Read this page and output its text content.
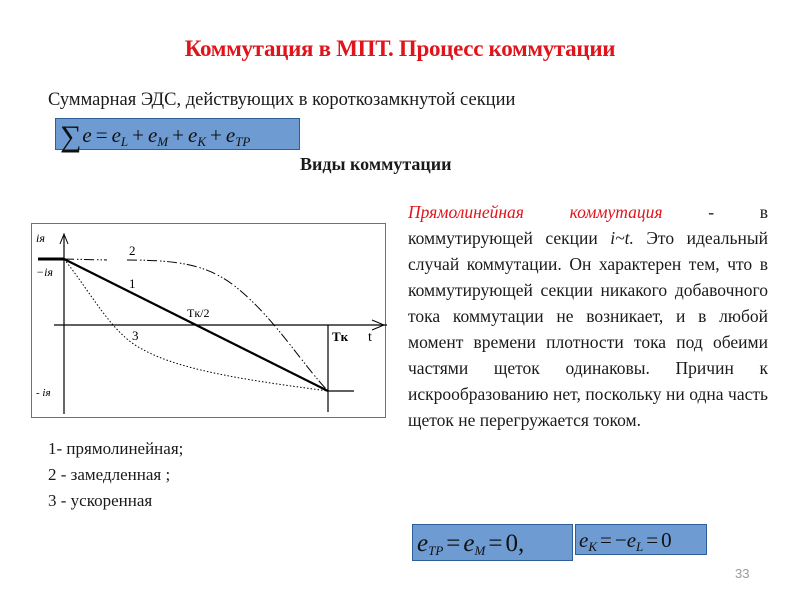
Коммутация в МПТ. Процесс коммутации
Суммарная ЭДС, действующих в короткозамкнутой секции
$\sum e = e_L + e_M + e_K + e_{TP}$
Виды коммутации
iя
−iя
- iя
2
1
3
Tк/2
Tк t
1- прямолинейная;
2 - замедленная ;
3 - ускоренная
Прямолинейная коммутация - в коммутирующей секции i~t. Это идеальный случай коммутации. Он характерен тем, что в коммутирующей секции никакого добавочного тока коммутации не возникает, и в любой момент времени плотности тока под обеими частями щеток одинаковы. Причин к искрообразованию нет, поскольку ни одна часть щеток не перегружается током.
$e_{TP} = e_M = 0$,	$e_K = -e_L = 0$
33
